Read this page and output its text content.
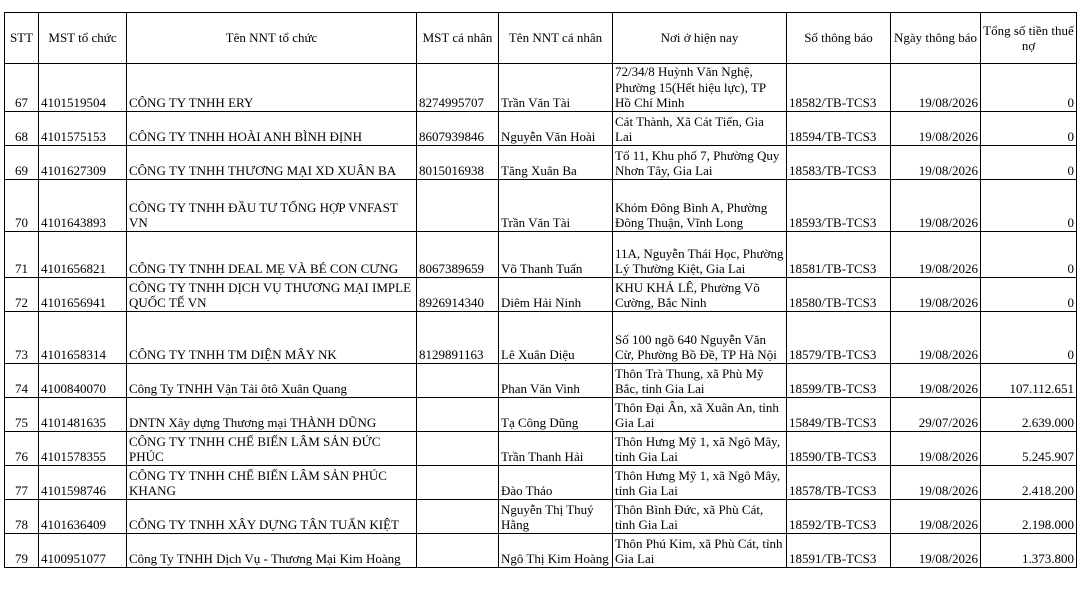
STT	MST tổ chức	Tên NNT tổ chức	MST cá nhân	Tên NNT cá nhân	Nơi ở hiện nay	Số thông báo	Ngày thông báo	Tổng số tiền thuế nợ
67	4101519504	CÔNG TY TNHH ERY	8274995707	Trần Văn Tài	72/34/8 Huỳnh Văn Nghệ, Phường 15(Hết hiệu lực), TP Hồ Chí Minh	18582/TB-TCS3	19/08/2026	0
68	4101575153	CÔNG TY TNHH HOÀI ANH BÌNH ĐỊNH	8607939846	Nguyễn Văn Hoài	Cát Thành, Xã Cát Tiến, Gia Lai	18594/TB-TCS3	19/08/2026	0
69	4101627309	CÔNG TY TNHH THƯƠNG MẠI XD XUÂN BA	8015016938	Tăng Xuân Ba	Tổ 11, Khu phố 7, Phường Quy Nhơn Tây, Gia Lai	18583/TB-TCS3	19/08/2026	0
70	4101643893	CÔNG TY TNHH ĐẦU TƯ TỔNG HỢP VNFAST VN		Trần Văn Tài	Khóm Đông Bình A, Phường Đông Thuận, Vĩnh Long	18593/TB-TCS3	19/08/2026	0
71	4101656821	CÔNG TY TNHH DEAL MẸ VÀ BÉ CON CƯNG	8067389659	Võ Thanh Tuấn	11A, Nguyễn Thái Học, Phường Lý Thường Kiệt, Gia Lai	18581/TB-TCS3	19/08/2026	0
72	4101656941	CÔNG TY TNHH DỊCH VỤ THƯƠNG MẠI IMPLE QUỐC TẾ VN	8926914340	Diêm Hải Ninh	KHU KHẢ LÊ, Phường Võ Cường, Bắc Ninh	18580/TB-TCS3	19/08/2026	0
73	4101658314	CÔNG TY TNHH TM DIỆN MÂY NK	8129891163	Lê Xuân Diệu	Số 100 ngõ 640 Nguyễn Văn Cừ, Phường Bồ Đề, TP Hà Nội	18579/TB-TCS3	19/08/2026	0
74	4100840070	Công Ty TNHH Vận Tải ôtô Xuân Quang		Phan Văn Vinh	Thôn Trà Thung, xã Phù Mỹ Bắc, tỉnh Gia Lai	18599/TB-TCS3	19/08/2026	107.112.651
75	4101481635	DNTN Xây dựng Thương mại THÀNH DŨNG		Tạ Công Dũng	Thôn Đại Ân, xã Xuân An, tỉnh Gia Lai	15849/TB-TCS3	29/07/2026	2.639.000
76	4101578355	CÔNG TY TNHH CHẾ BIẾN LÂM SẢN ĐỨC PHÚC		Trần Thanh Hải	Thôn Hưng Mỹ 1, xã Ngô Mây, tỉnh Gia Lai	18590/TB-TCS3	19/08/2026	5.245.907
77	4101598746	CÔNG TY TNHH CHẾ BIẾN LÂM SẢN PHÚC KHANG		Đào Thảo	Thôn Hưng Mỹ 1, xã Ngô Mây, tỉnh Gia Lai	18578/TB-TCS3	19/08/2026	2.418.200
78	4101636409	CÔNG TY TNHH XÂY DỰNG TÂN TUẤN KIỆT		Nguyễn Thị Thuý Hằng	Thôn Bình Đức, xã Phù Cát, tỉnh Gia Lai	18592/TB-TCS3	19/08/2026	2.198.000
79	4100951077	Công Ty TNHH Dịch Vụ - Thương Mại Kim Hoàng		Ngô Thị Kim Hoàng	Thôn Phú Kim, xã Phù Cát, tỉnh Gia Lai	18591/TB-TCS3	19/08/2026	1.373.800
